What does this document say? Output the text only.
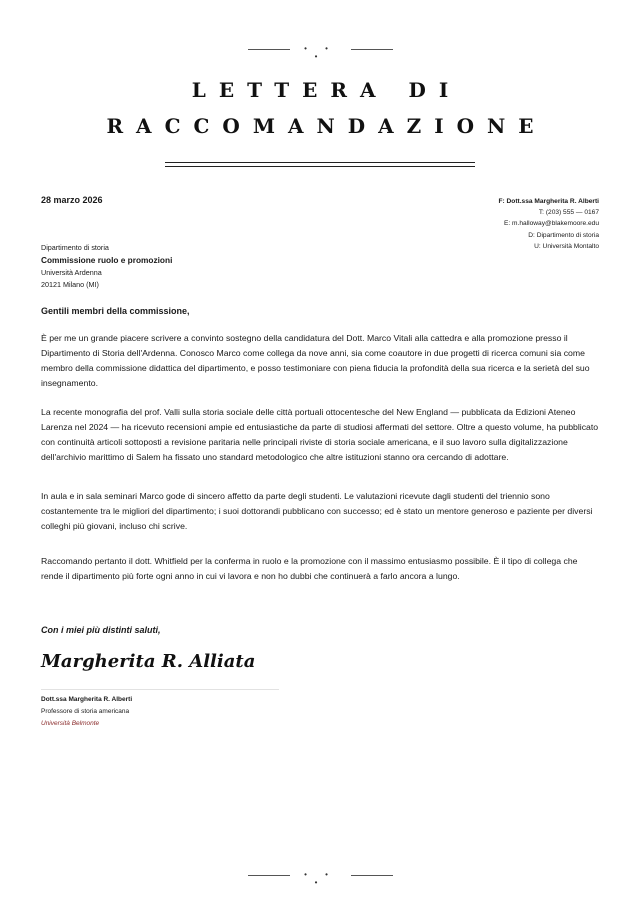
• • •
LETTERA DI
RACCOMANDAZIONE
28 marzo 2026	F: Dott.ssa Margherita R. Alberti
T: (203) 555 — 0167
E: m.halloway@blakemoore.edu
D: Dipartimento di storia
U: Università Montalto
Dipartimento di storia
Commissione ruolo e promozioni
Università Ardenna
20121 Milano (MI)
Gentili membri della commissione,

È per me un grande piacere scrivere a convinto sostegno della candidatura del Dott. Marco Vitali alla cattedra e alla promozione presso il Dipartimento di Storia dell'Ardenna. Conosco Marco come collega da nove anni, sia come coautore in due progetti di ricerca comuni sia come membro della commissione didattica del dipartimento, e posso testimoniare con piena fiducia la profondità della sua ricerca e la serietà del suo insegnamento.

La recente monografia del prof. Valli sulla storia sociale delle città portuali ottocentesche del New England — pubblicata da Edizioni Ateneo Larenza nel 2024 — ha ricevuto recensioni ampie ed entusiastiche da parte di studiosi affermati del settore. Oltre a questo volume, ha pubblicato con continuità articoli sottoposti a revisione paritaria nelle principali riviste di storia sociale americana, e il suo lavoro sulla digitalizzazione dell'archivio marittimo di Salem ha fissato uno standard metodologico che altre istituzioni stanno ora cercando di adottare.

In aula e in sala seminari Marco gode di sincero affetto da parte degli studenti. Le valutazioni ricevute dagli studenti del triennio sono costantemente tra le migliori del dipartimento; i suoi dottorandi pubblicano con successo; ed è stato un mentore generoso e paziente per diversi colleghi più giovani, incluso chi scrive.

Raccomando pertanto il dott. Whitfield per la conferma in ruolo e la promozione con il massimo entusiasmo possibile. È il tipo di collega che rende il dipartimento più forte ogni anno in cui vi lavora e non ho dubbi che continuerà a farlo ancora a lungo.

Con i miei più distinti saluti,
Margherita R. Alliata
Dott.ssa Margherita R. Alberti
Professore di storia americana
Università Belmonte
• • •
